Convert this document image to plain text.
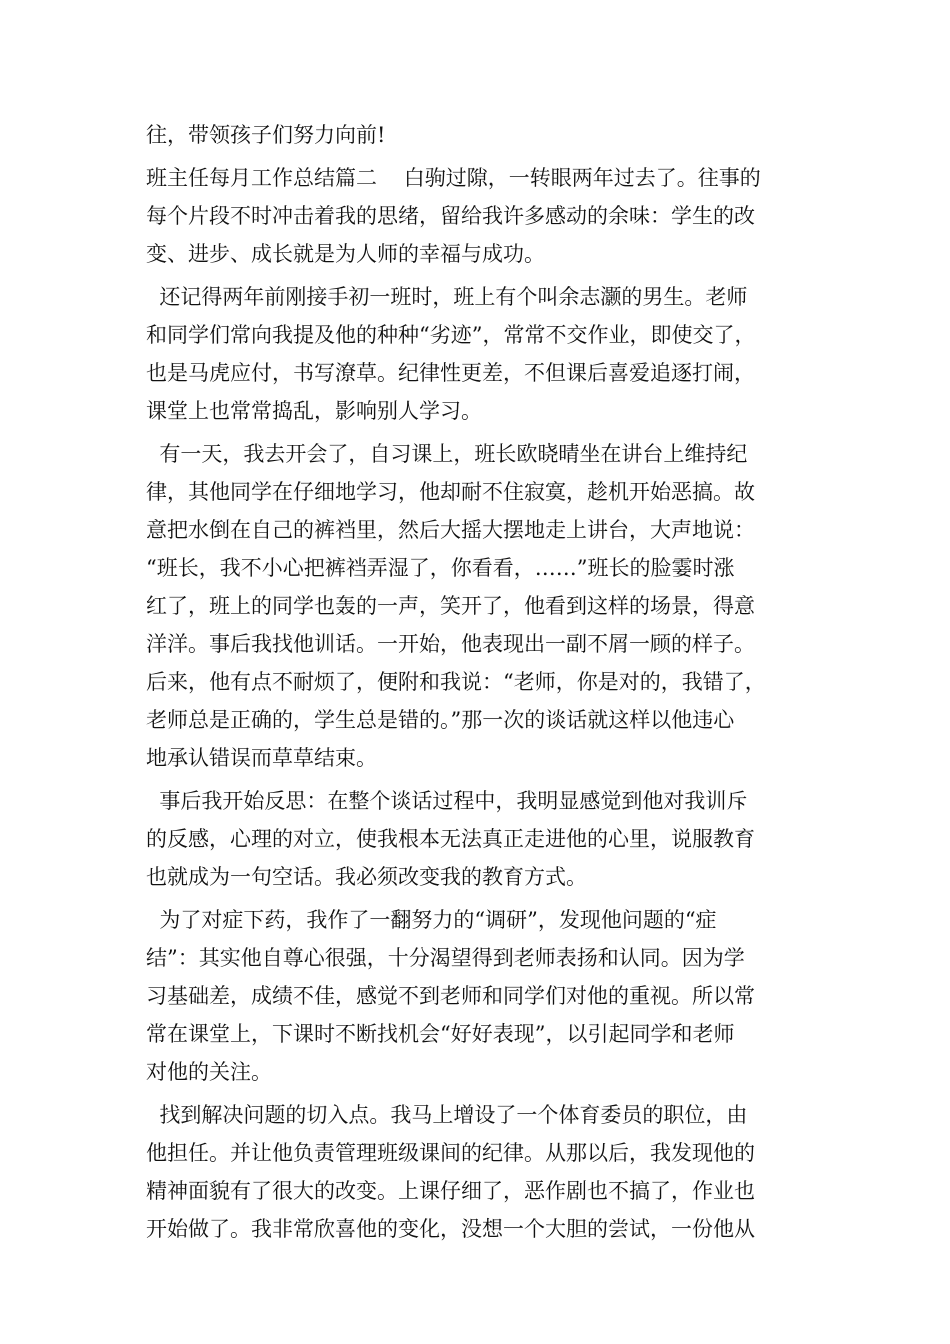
往，带领孩子们努力向前!
班主任每月工作总结篇二    白驹过隙，一转眼两年过去了。往事的
每个片段不时冲击着我的思绪，留给我许多感动的余味：学生的改
变、进步、成长就是为人师的幸福与成功。
还记得两年前刚接手初一班时，班上有个叫余志灏的男生。老师
和同学们常向我提及他的种种“劣迹”，常常不交作业，即使交了，
也是马虎应付，书写潦草。纪律性更差，不但课后喜爱追逐打闹，
课堂上也常常捣乱，影响别人学习。
有一天，我去开会了，自习课上，班长欧晓晴坐在讲台上维持纪
律，其他同学在仔细地学习，他却耐不住寂寞，趁机开始恶搞。故
意把水倒在自己的裤裆里，然后大摇大摆地走上讲台，大声地说：
“班长，我不小心把裤裆弄湿了，你看看，……”班长的脸霎时涨
红了，班上的同学也轰的一声，笑开了，他看到这样的场景，得意
洋洋。事后我找他训话。一开始，他表现出一副不屑一顾的样子。
后来，他有点不耐烦了，便附和我说：“老师，你是对的，我错了，
老师总是正确的，学生总是错的。”那一次的谈话就这样以他违心
地承认错误而草草结束。
事后我开始反思：在整个谈话过程中，我明显感觉到他对我训斥
的反感，心理的对立，使我根本无法真正走进他的心里，说服教育
也就成为一句空话。我必须改变我的教育方式。
为了对症下药，我作了一翻努力的“调研”，发现他问题的“症
结”：其实他自尊心很强，十分渴望得到老师表扬和认同。因为学
习基础差，成绩不佳，感觉不到老师和同学们对他的重视。所以常
常在课堂上，下课时不断找机会“好好表现”，以引起同学和老师
对他的关注。
找到解决问题的切入点。我马上增设了一个体育委员的职位，由
他担任。并让他负责管理班级课间的纪律。从那以后，我发现他的
精神面貌有了很大的改变。上课仔细了，恶作剧也不搞了，作业也
开始做了。我非常欣喜他的变化，没想一个大胆的尝试，一份他从
